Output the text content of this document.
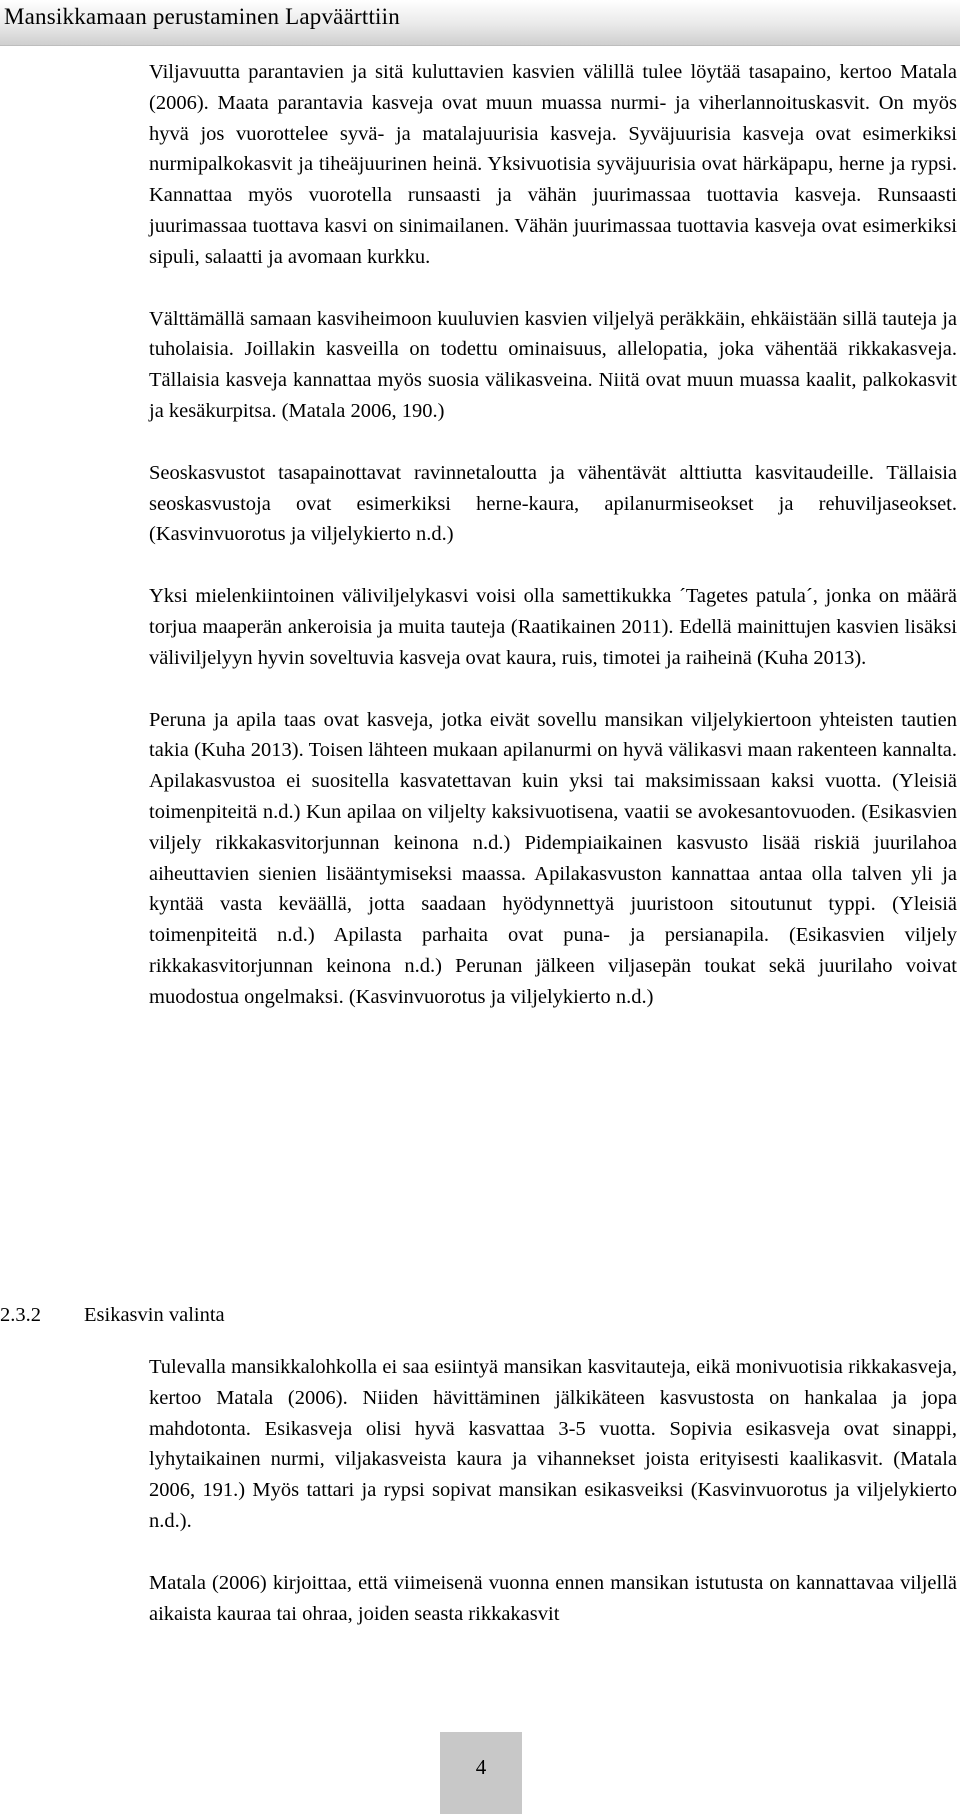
Mansikkamaan perustaminen Lapväärttiin

Viljavuutta parantavien ja sitä kuluttavien kasvien välillä tulee löytää tasapaino, kertoo Matala (2006). Maata parantavia kasveja ovat muun muassa nurmi- ja viherlannoituskasvit. On myös hyvä jos vuorottelee syvä- ja matalajuurisia kasveja. Syväjuurisia kasveja ovat esimerkiksi nurmipalkokasvit ja tiheäjuurinen heinä. Yksivuotisia syväjuurisia ovat härkäpapu, herne ja rypsi. Kannattaa myös vuorotella runsaasti ja vähän juurimassaa tuottavia kasveja. Runsaasti juurimassaa tuottava kasvi on sinimailanen. Vähän juurimassaa tuottavia kasveja ovat esimerkiksi sipuli, salaatti ja avomaan kurkku.

Välttämällä samaan kasviheimoon kuuluvien kasvien viljelyä peräkkäin, ehkäistään sillä tauteja ja tuholaisia. Joillakin kasveilla on todettu ominaisuus, allelopatia, joka vähentää rikkakasveja. Tällaisia kasveja kannattaa myös suosia välikasveina. Niitä ovat muun muassa kaalit, palkokasvit ja kesäkurpitsa. (Matala 2006, 190.)

Seoskasvustot tasapainottavat ravinnetaloutta ja vähentävät alttiutta kasvitaudeille. Tällaisia seoskasvustoja ovat esimerkiksi herne-kaura, apilanurmiseokset ja rehuviljaseokset. (Kasvinvuorotus ja viljelykierto n.d.)

Yksi mielenkiintoinen väliviljelykasvi voisi olla samettikukka ´Tagetes patula´, jonka on määrä torjua maaperän ankeroisia ja muita tauteja (Raatikainen 2011). Edellä mainittujen kasvien lisäksi väliviljelyyn hyvin soveltuvia kasveja ovat kaura, ruis, timotei ja raiheinä (Kuha 2013).

Peruna ja apila taas ovat kasveja, jotka eivät sovellu mansikan viljelykiertoon yhteisten tautien takia (Kuha 2013). Toisen lähteen mukaan apilanurmi on hyvä välikasvi maan rakenteen kannalta. Apilakasvustoa ei suositella kasvatettavan kuin yksi tai maksimissaan kaksi vuotta. (Yleisiä toimenpiteitä n.d.) Kun apilaa on viljelty kaksivuotisena, vaatii se avokesantovuoden. (Esikasvien viljely rikkakasvitorjunnan keinona n.d.) Pidempiaikainen kasvusto lisää riskiä juurilahoa aiheuttavien sienien lisääntymiseksi maassa. Apilakasvuston kannattaa antaa olla talven yli ja kyntää vasta keväällä, jotta saadaan hyödynnettyä juuristoon sitoutunut typpi. (Yleisiä toimenpiteitä n.d.) Apilasta parhaita ovat puna- ja persianapila. (Esikasvien viljely rikkakasvitorjunnan keinona n.d.) Perunan jälkeen viljasepän toukat sekä juurilaho voivat muodostua ongelmaksi. (Kasvinvuorotus ja viljelykierto n.d.)

2.3.2 Esikasvin valinta

Tulevalla mansikkalohkolla ei saa esiintyä mansikan kasvitauteja, eikä monivuotisia rikkakasveja, kertoo Matala (2006). Niiden hävittäminen jälkikäteen kasvustosta on hankalaa ja jopa mahdotonta. Esikasveja olisi hyvä kasvattaa 3-5 vuotta. Sopivia esikasveja ovat sinappi, lyhytaikainen nurmi, viljakasveista kaura ja vihannekset joista erityisesti kaalikasvit. (Matala 2006, 191.) Myös tattari ja rypsi sopivat mansikan esikasveiksi (Kasvinvuorotus ja viljelykierto n.d.).

Matala (2006) kirjoittaa, että viimeisenä vuonna ennen mansikan istutusta on kannattavaa viljellä aikaista kauraa tai ohraa, joiden seasta rikkakasvit

4
